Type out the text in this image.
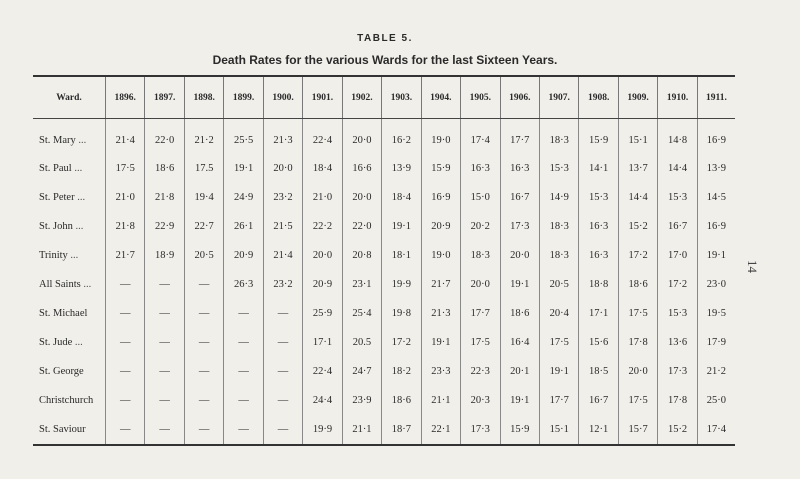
TABLE 5.
Death Rates for the various Wards for the last Sixteen Years.
14
Ward.	1896.	1897.	1898.	1899.	1900.	1901.	1902.	1903.	1904.	1905.	1906.	1907.	1908.	1909.	1910.	1911.
St. Mary ...	21·4	22·0	21·2	25·5	21·3	22·4	20·0	16·2	19·0	17·4	17·7	18·3	15·9	15·1	14·8	16·9
St. Paul ...	17·5	18·6	17.5	19·1	20·0	18·4	16·6	13·9	15·9	16·3	16·3	15·3	14·1	13·7	14·4	13·9
St. Peter ...	21·0	21·8	19·4	24·9	23·2	21·0	20·0	18·4	16·9	15·0	16·7	14·9	15·3	14·4	15·3	14·5
St. John ...	21·8	22·9	22·7	26·1	21·5	22·2	22·0	19·1	20·9	20·2	17·3	18·3	16·3	15·2	16·7	16·9
Trinity ...	21·7	18·9	20·5	20·9	21·4	20·0	20·8	18·1	19·0	18·3	20·0	18·3	16·3	17·2	17·0	19·1
All Saints ...	—	—	—	26·3	23·2	20·9	23·1	19·9	21·7	20·0	19·1	20·5	18·8	18·6	17·2	23·0
St. Michael	—	—	—	—	—	25·9	25·4	19·8	21·3	17·7	18·6	20·4	17·1	17·5	15·3	19·5
St. Jude ...	—	—	—	—	—	17·1	20.5	17·2	19·1	17·5	16·4	17·5	15·6	17·8	13·6	17·9
St. George	—	—	—	—	—	22·4	24·7	18·2	23·3	22·3	20·1	19·1	18·5	20·0	17·3	21·2
Christchurch	—	—	—	—	—	24·4	23·9	18·6	21·1	20·3	19·1	17·7	16·7	17·5	17·8	25·0
St. Saviour	—	—	—	—	—	19·9	21·1	18·7	22·1	17·3	15·9	15·1	12·1	15·7	15·2	17·4
